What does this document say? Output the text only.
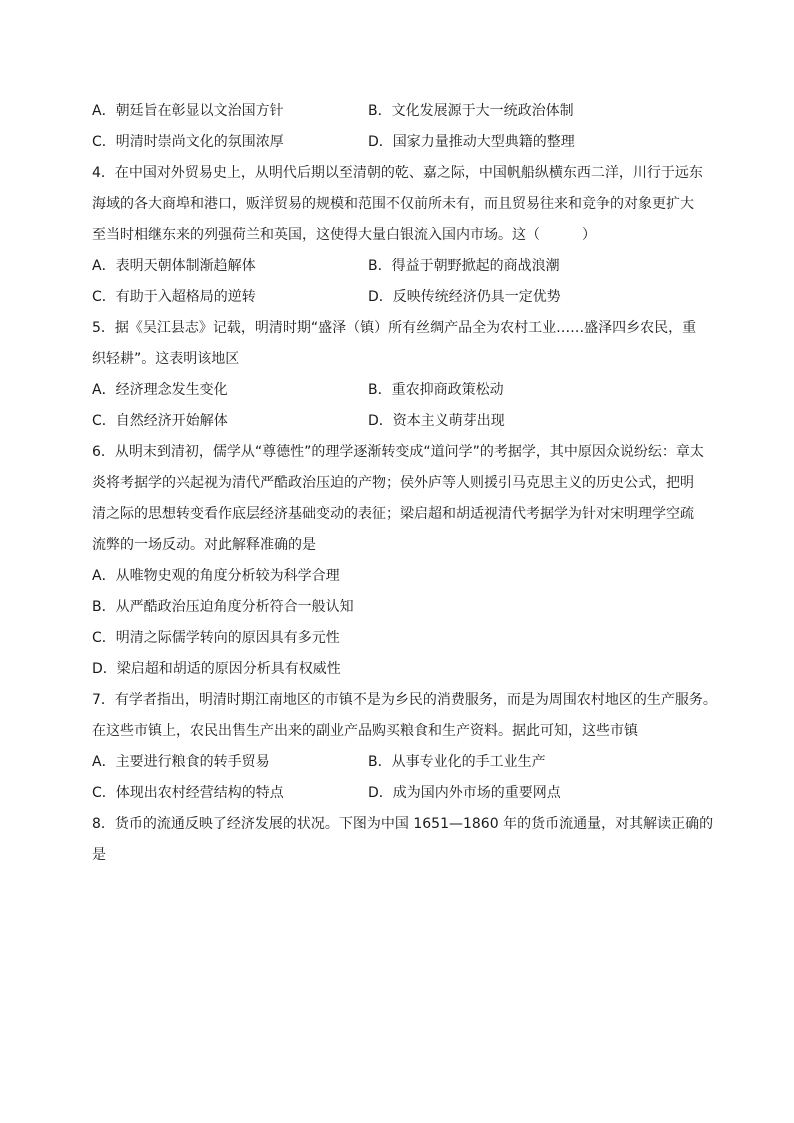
A．朝廷旨在彰显以文治国方针	B．文化发展源于大一统政治体制
C．明清时崇尚文化的氛围浓厚	D．国家力量推动大型典籍的整理
4．在中国对外贸易史上，从明代后期以至清朝的乾、嘉之际，中国帆船纵横东西二洋，川行于远东
海域的各大商埠和港口，贩洋贸易的规模和范围不仅前所未有，而且贸易往来和竞争的对象更扩大
至当时相继东来的列强荷兰和英国，这使得大量白银流入国内市场。这（　　　）
A．表明天朝体制渐趋解体	B．得益于朝野掀起的商战浪潮
C．有助于入超格局的逆转	D．反映传统经济仍具一定优势
5．据《吴江县志》记载，明清时期“盛泽（镇）所有丝绸产品全为农村工业……盛泽四乡农民，重
织轻耕”。这表明该地区
A．经济理念发生变化	B．重农抑商政策松动
C．自然经济开始解体	D．资本主义萌芽出现
6．从明末到清初，儒学从“尊德性”的理学逐渐转变成“道问学”的考据学，其中原因众说纷纭：章太
炎将考据学的兴起视为清代严酷政治压迫的产物；侯外庐等人则援引马克思主义的历史公式，把明
清之际的思想转变看作底层经济基础变动的表征；梁启超和胡适视清代考据学为针对宋明理学空疏
流弊的一场反动。对此解释准确的是
A．从唯物史观的角度分析较为科学合理
B．从严酷政治压迫角度分析符合一般认知
C．明清之际儒学转向的原因具有多元性
D．梁启超和胡适的原因分析具有权威性
7．有学者指出，明清时期江南地区的市镇不是为乡民的消费服务，而是为周围农村地区的生产服务。
在这些市镇上，农民出售生产出来的副业产品购买粮食和生产资料。据此可知，这些市镇
A．主要进行粮食的转手贸易	B．从事专业化的手工业生产
C．体现出农村经营结构的特点	D．成为国内外市场的重要网点
8．货币的流通反映了经济发展的状况。下图为中国 1651—1860 年的货币流通量，对其解读正确的
是
